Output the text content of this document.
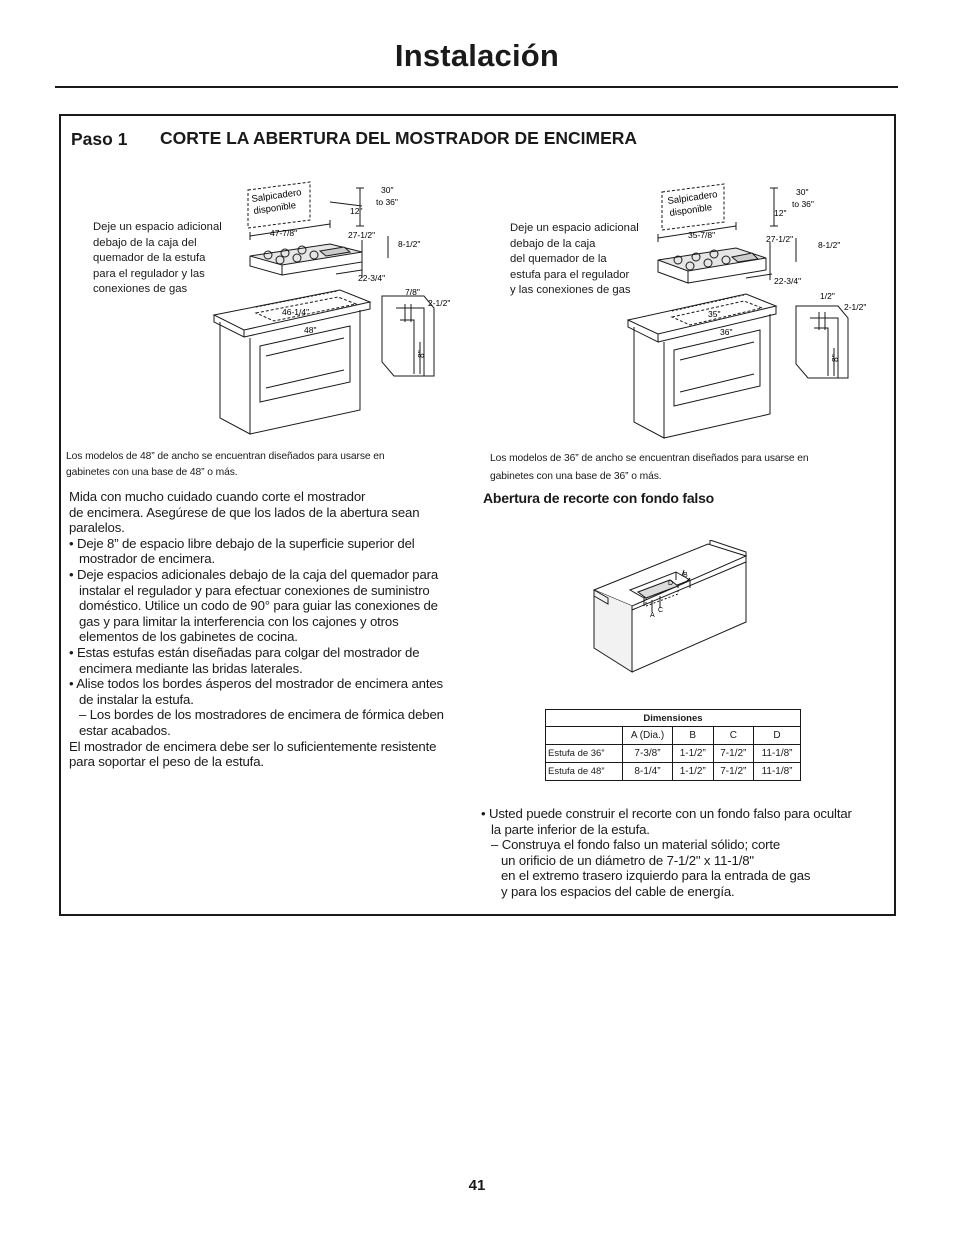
Instalación
Paso 1 CORTE LA ABERTURA DEL MOSTRADOR DE ENCIMERA
Deje un espacio adicional
debajo de la caja del
quemador de la estufa
para el regulador y las
conexiones de gas
Salpicadero
disponible
47-7/8"
12"
30"
to 36"
27-1/2"
8-1/2"
22-3/4"
46-1/4"
48"
7/8"
2-1/2"
8"
Deje un espacio adicional
debajo de la caja
del quemador de la
estufa para el regulador
y las conexiones de gas
Salpicadero
disponible
35-7/8"
12"
30"
to 36"
27-1/2"
8-1/2"
22-3/4"
35"
36"
1/2"
2-1/2"
8"
Los modelos de 48” de ancho se encuentran diseñados para usarse en
gabinetes con una base de 48” o más.
Los modelos de 36” de ancho se encuentran diseñados para usarse en
gabinetes con una base de 36” o más.

Mida con mucho cuidado cuando corte el mostrador

de encimera. Asegúrese de que los lados de la abertura sean

paralelos.

• Deje 8” de espacio libre debajo de la superficie superior del

mostrador de encimera.

• Deje espacios adicionales debajo de la caja del quemador para

instalar el regulador y para efectuar conexiones de suministro

doméstico. Utilice un codo de 90° para guiar las conexiones de

gas y para limitar la interferencia con los cajones y otros

elementos de los gabinetes de cocina.

• Estas estufas están diseñadas para colgar del mostrador de

encimera mediante las bridas laterales.

• Alise todos los bordes ásperos del mostrador de encimera antes

de instalar la estufa.

– Los bordes de los mostradores de encimera de fórmica deben

estar acabados.

El mostrador de encimera debe ser lo suficientemente resistente

para soportar el peso de la estufa.

Abertura de recorte con fondo falso
B
D
A
C
Dimensiones				
	A (Dia.)	B	C	D
Estufa de 36”	7-3/8”	1-1/2”	7-1/2”	11-1/8”
Estufa de 48”	8-1/4”	1-1/2”	7-1/2”	11-1/8”

• Usted puede construir el recorte con un fondo falso para ocultar

la parte inferior de la estufa.

– Construya el fondo falso un material sólido; corte

un orificio de un diámetro de 7-1/2" x 11-1/8"

en el extremo trasero izquierdo para la entrada de gas

y para los espacios del cable de energía.

41
